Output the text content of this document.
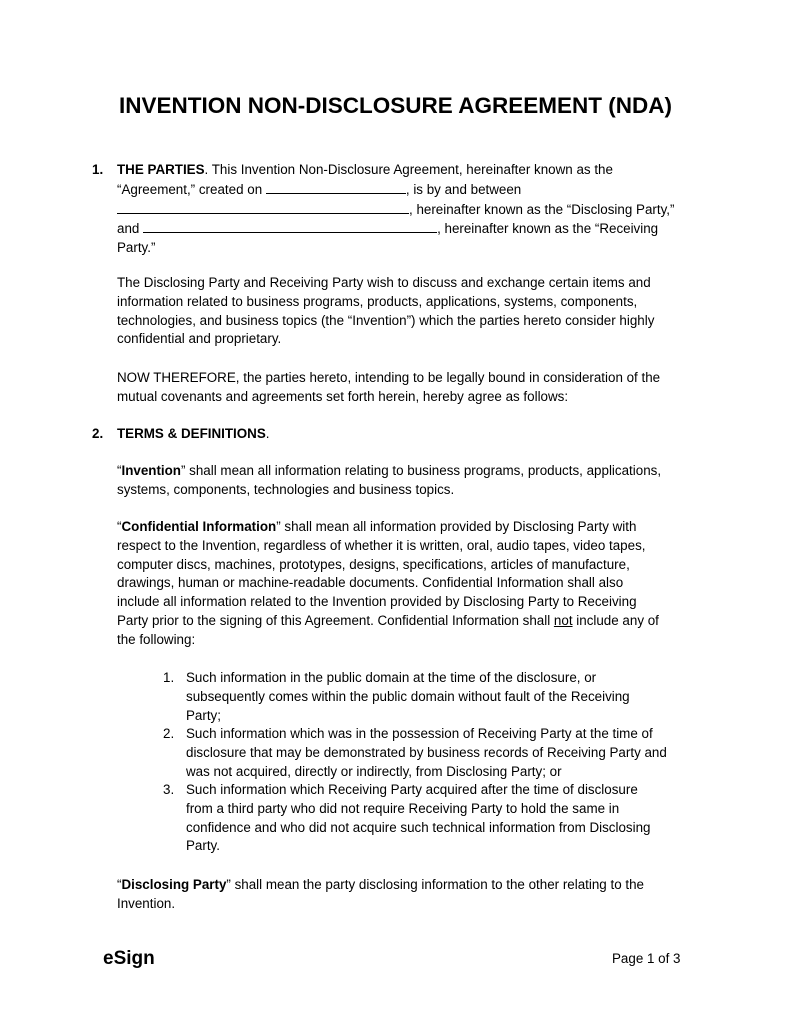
INVENTION NON-DISCLOSURE AGREEMENT (NDA)
1. THE PARTIES. This Invention Non-Disclosure Agreement, hereinafter known as the
“Agreement,” created on	, is by and between
, hereinafter known as the “Disclosing Party,”
and	, hereinafter known as the “Receiving
Party.”
The Disclosing Party and Receiving Party wish to discuss and exchange certain items and
information related to business programs, products, applications, systems, components,
technologies, and business topics (the “Invention”) which the parties hereto consider highly
confidential and proprietary.
NOW THEREFORE, the parties hereto, intending to be legally bound in consideration of the
mutual covenants and agreements set forth herein, hereby agree as follows:
2. TERMS & DEFINITIONS.
“Invention” shall mean all information relating to business programs, products, applications,
systems, components, technologies and business topics.
“Confidential Information” shall mean all information provided by Disclosing Party with
respect to the Invention, regardless of whether it is written, oral, audio tapes, video tapes,
computer discs, machines, prototypes, designs, specifications, articles of manufacture,
drawings, human or machine-readable documents. Confidential Information shall also
include all information related to the Invention provided by Disclosing Party to Receiving
Party prior to the signing of this Agreement. Confidential Information shall not include any of
the following:
1. Such information in the public domain at the time of the disclosure, or
subsequently comes within the public domain without fault of the Receiving
Party;
2. Such information which was in the possession of Receiving Party at the time of
disclosure that may be demonstrated by business records of Receiving Party and
was not acquired, directly or indirectly, from Disclosing Party; or
3. Such information which Receiving Party acquired after the time of disclosure
from a third party who did not require Receiving Party to hold the same in
confidence and who did not acquire such technical information from Disclosing
Party.
“Disclosing Party” shall mean the party disclosing information to the other relating to the
Invention.
eSign	Page 1 of 3
